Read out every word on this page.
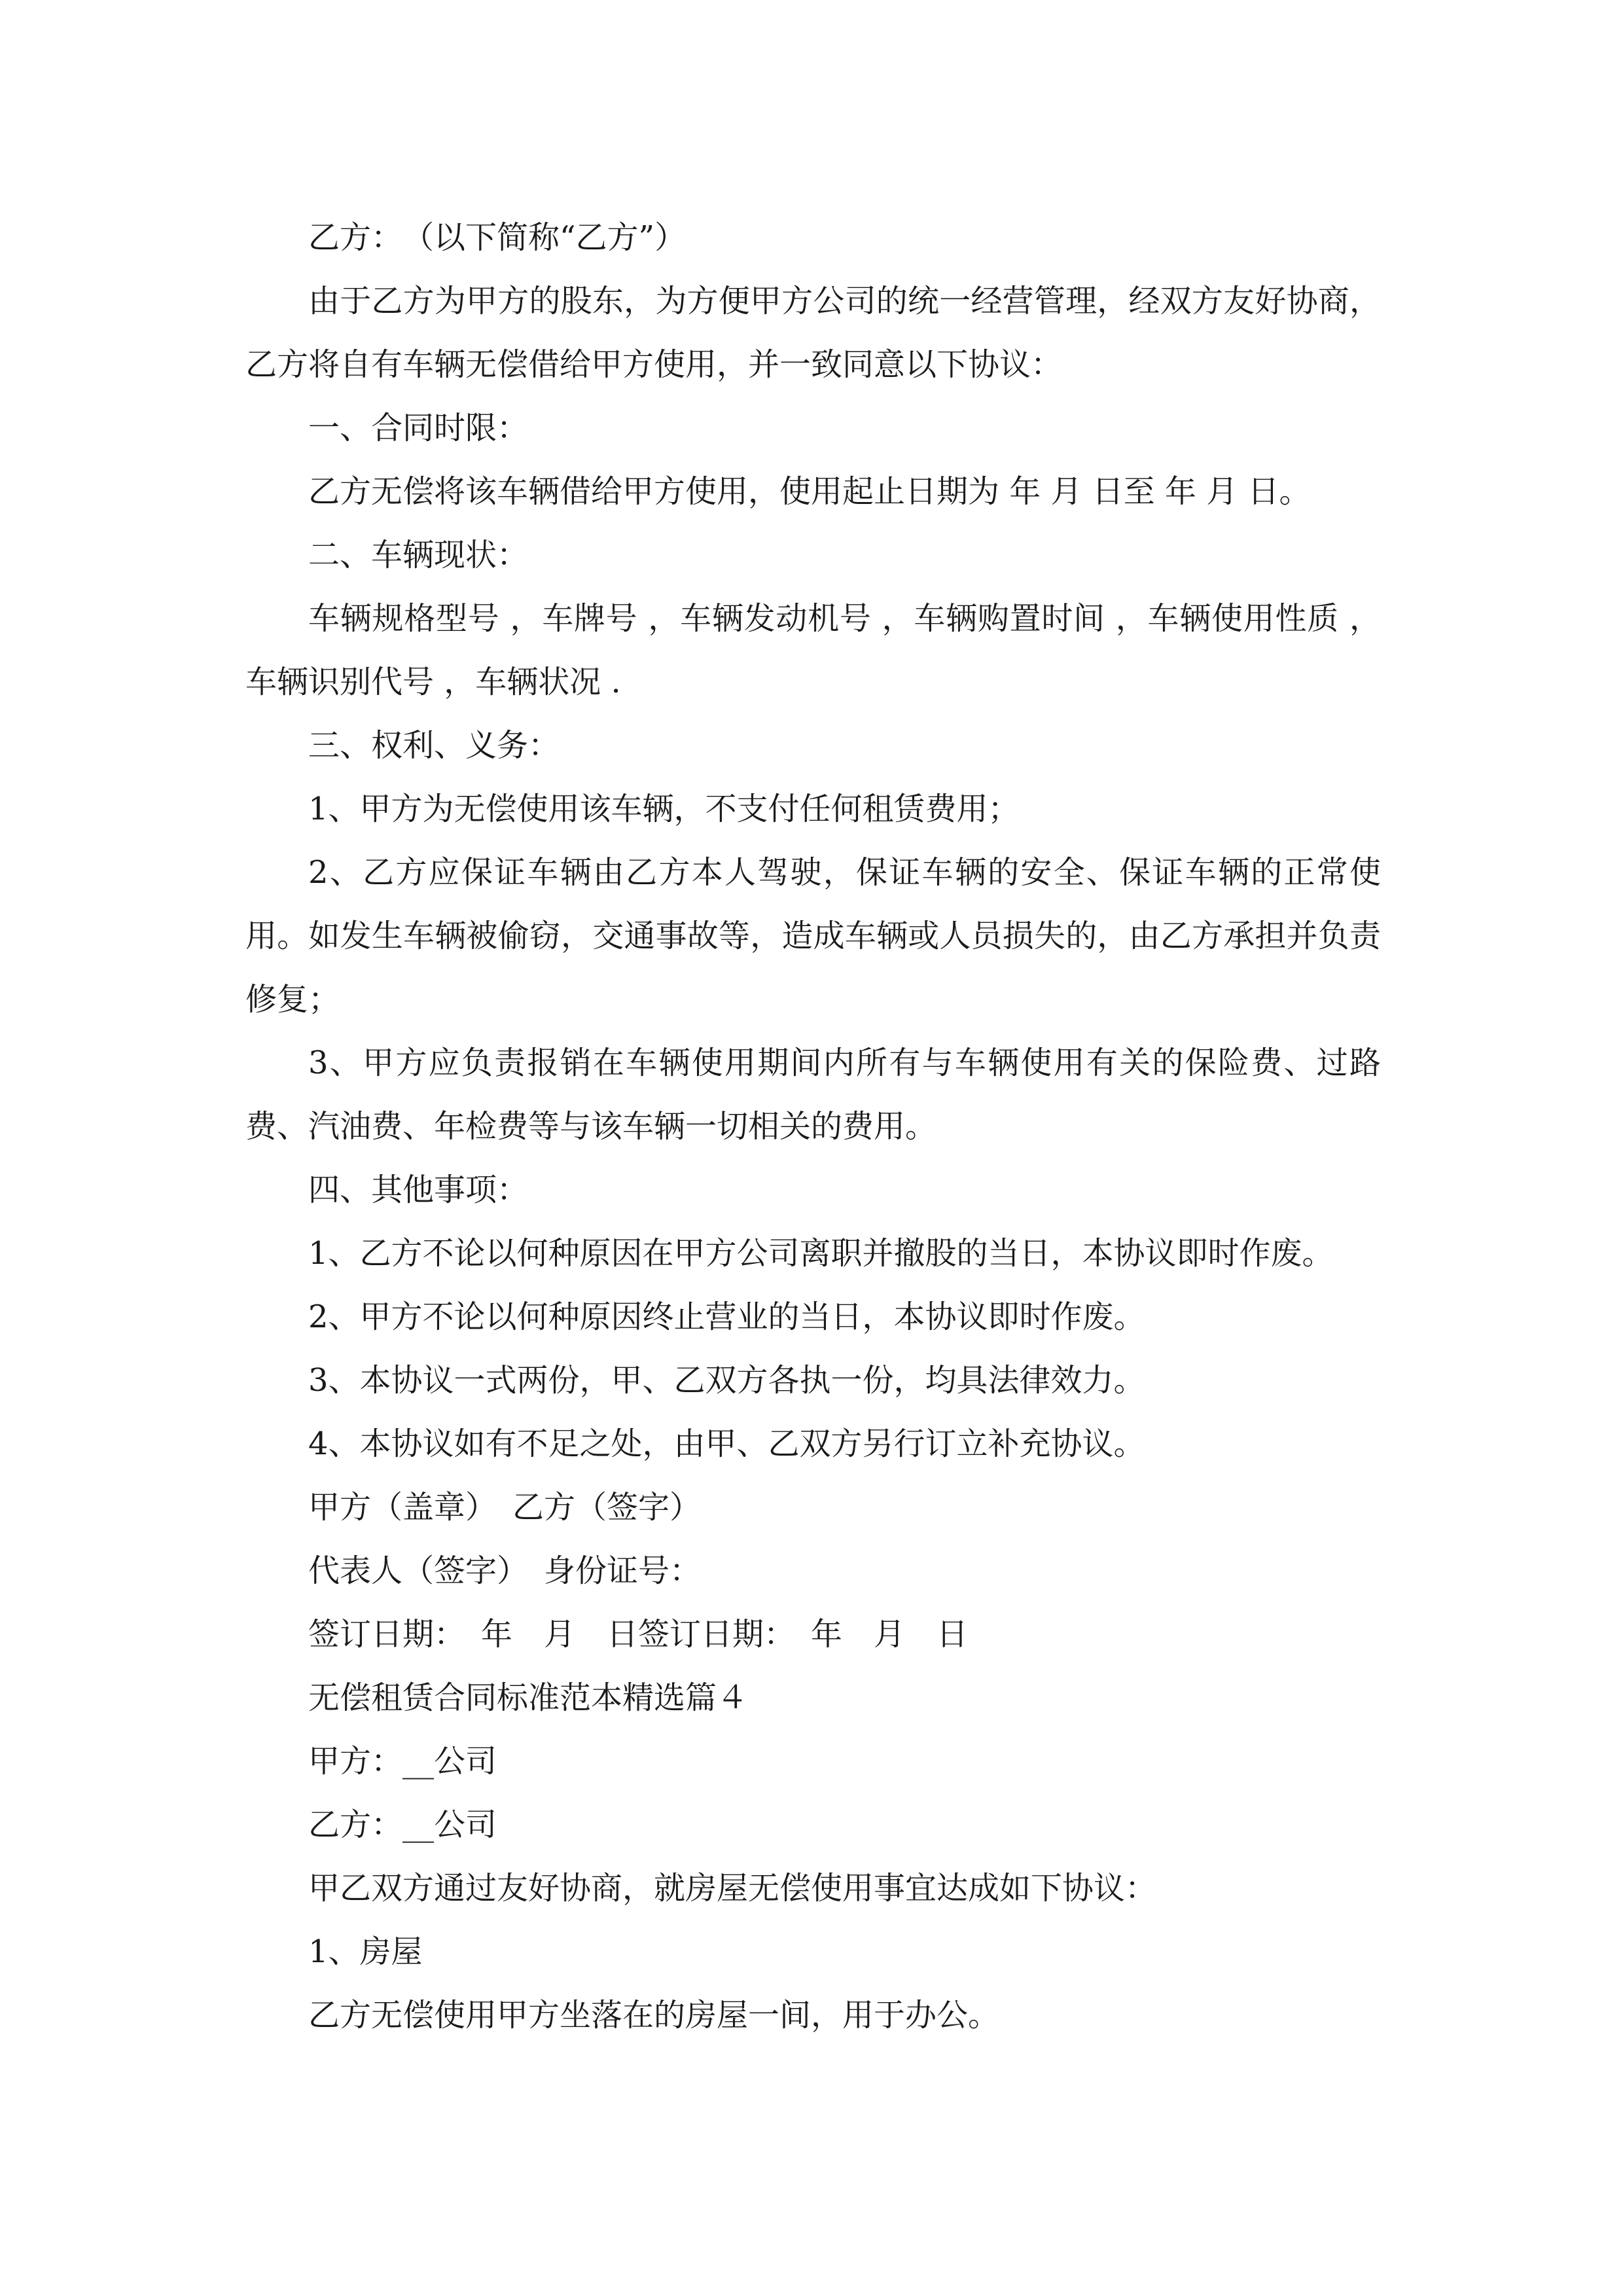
乙方：　（以下简称“乙方”）

由于乙方为甲方的股东，为方便甲方公司的统一经营管理，经双方友好协商，乙方将自有车辆无偿借给甲方使用，并一致同意以下协议：

一、合同时限：

乙方无偿将该车辆借给甲方使用，使用起止日期为 年 月 日至 年 月 日。

二、车辆现状：

车辆规格型号 ，车牌号 ，车辆发动机号 ，车辆购置时间 ，车辆使用性质 ，车辆识别代号 ，车辆状况 .

三、权利、义务：

1、甲方为无偿使用该车辆，不支付任何租赁费用；

2、乙方应保证车辆由乙方本人驾驶，保证车辆的安全、保证车辆的正常使用。如发生车辆被偷窃，交通事故等，造成车辆或人员损失的，由乙方承担并负责修复；

3、甲方应负责报销在车辆使用期间内所有与车辆使用有关的保险费、过路费、汽油费、年检费等与该车辆一切相关的费用。

四、其他事项：

1、乙方不论以何种原因在甲方公司离职并撤股的当日，本协议即时作废。

2、甲方不论以何种原因终止营业的当日，本协议即时作废。

3、本协议一式两份，甲、乙双方各执一份，均具法律效力。

4、本协议如有不足之处，由甲、乙双方另行订立补充协议。

甲方（盖章）　乙方（签字）

代表人（签字）　身份证号：

签订日期：　年　月　日签订日期：　年　月　日

无偿租赁合同标准范本精选篇４

甲方：__公司

乙方：__公司

甲乙双方通过友好协商，就房屋无偿使用事宜达成如下协议：

1、房屋

乙方无偿使用甲方坐落在的房屋一间，用于办公。
